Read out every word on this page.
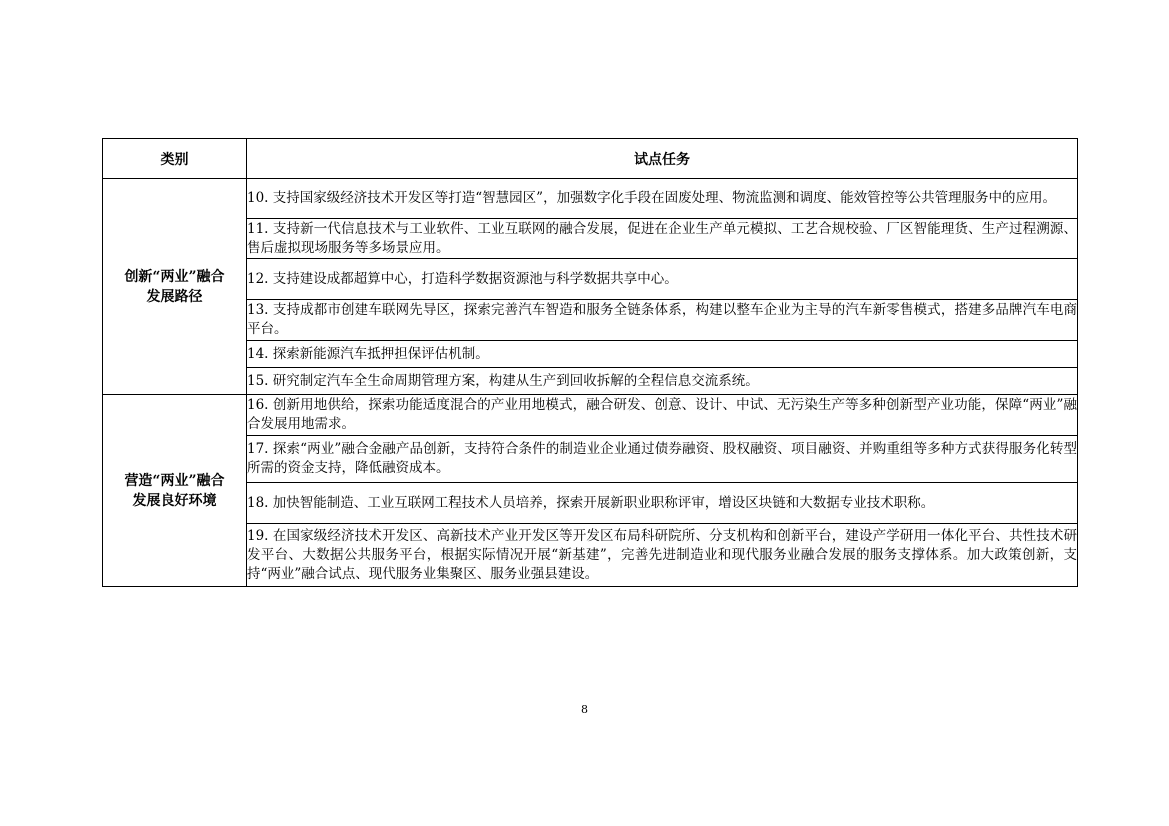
类别	试点任务

创新“两业”融合
发展路径	10. 支持国家级经济技术开发区等打造“智慧园区”，加强数字化手段在固废处理、物流监测和调度、能效管控等公共管理服务中的应用。
	11. 支持新一代信息技术与工业软件、工业互联网的融合发展，促进在企业生产单元模拟、工艺合规校验、厂区智能理货、生产过程溯源、售后虚拟现场服务等多场景应用。
	12. 支持建设成都超算中心，打造科学数据资源池与科学数据共享中心。
	13. 支持成都市创建车联网先导区，探索完善汽车智造和服务全链条体系，构建以整车企业为主导的汽车新零售模式，搭建多品牌汽车电商平台。
	14. 探索新能源汽车抵押担保评估机制。
	15. 研究制定汽车全生命周期管理方案，构建从生产到回收拆解的全程信息交流系统。

营造“两业”融合
发展良好环境	16. 创新用地供给，探索功能适度混合的产业用地模式，融合研发、创意、设计、中试、无污染生产等多种创新型产业功能，保障“两业”融合发展用地需求。
	17. 探索“两业”融合金融产品创新，支持符合条件的制造业企业通过债券融资、股权融资、项目融资、并购重组等多种方式获得服务化转型所需的资金支持，降低融资成本。
	18. 加快智能制造、工业互联网工程技术人员培养，探索开展新职业职称评审，增设区块链和大数据专业技术职称。
	19. 在国家级经济技术开发区、高新技术产业开发区等开发区布局科研院所、分支机构和创新平台，建设产学研用一体化平台、共性技术研发平台、大数据公共服务平台，根据实际情况开展“新基建”，完善先进制造业和现代服务业融合发展的服务支撑体系。加大政策创新，支持“两业”融合试点、现代服务业集聚区、服务业强县建设。
8
